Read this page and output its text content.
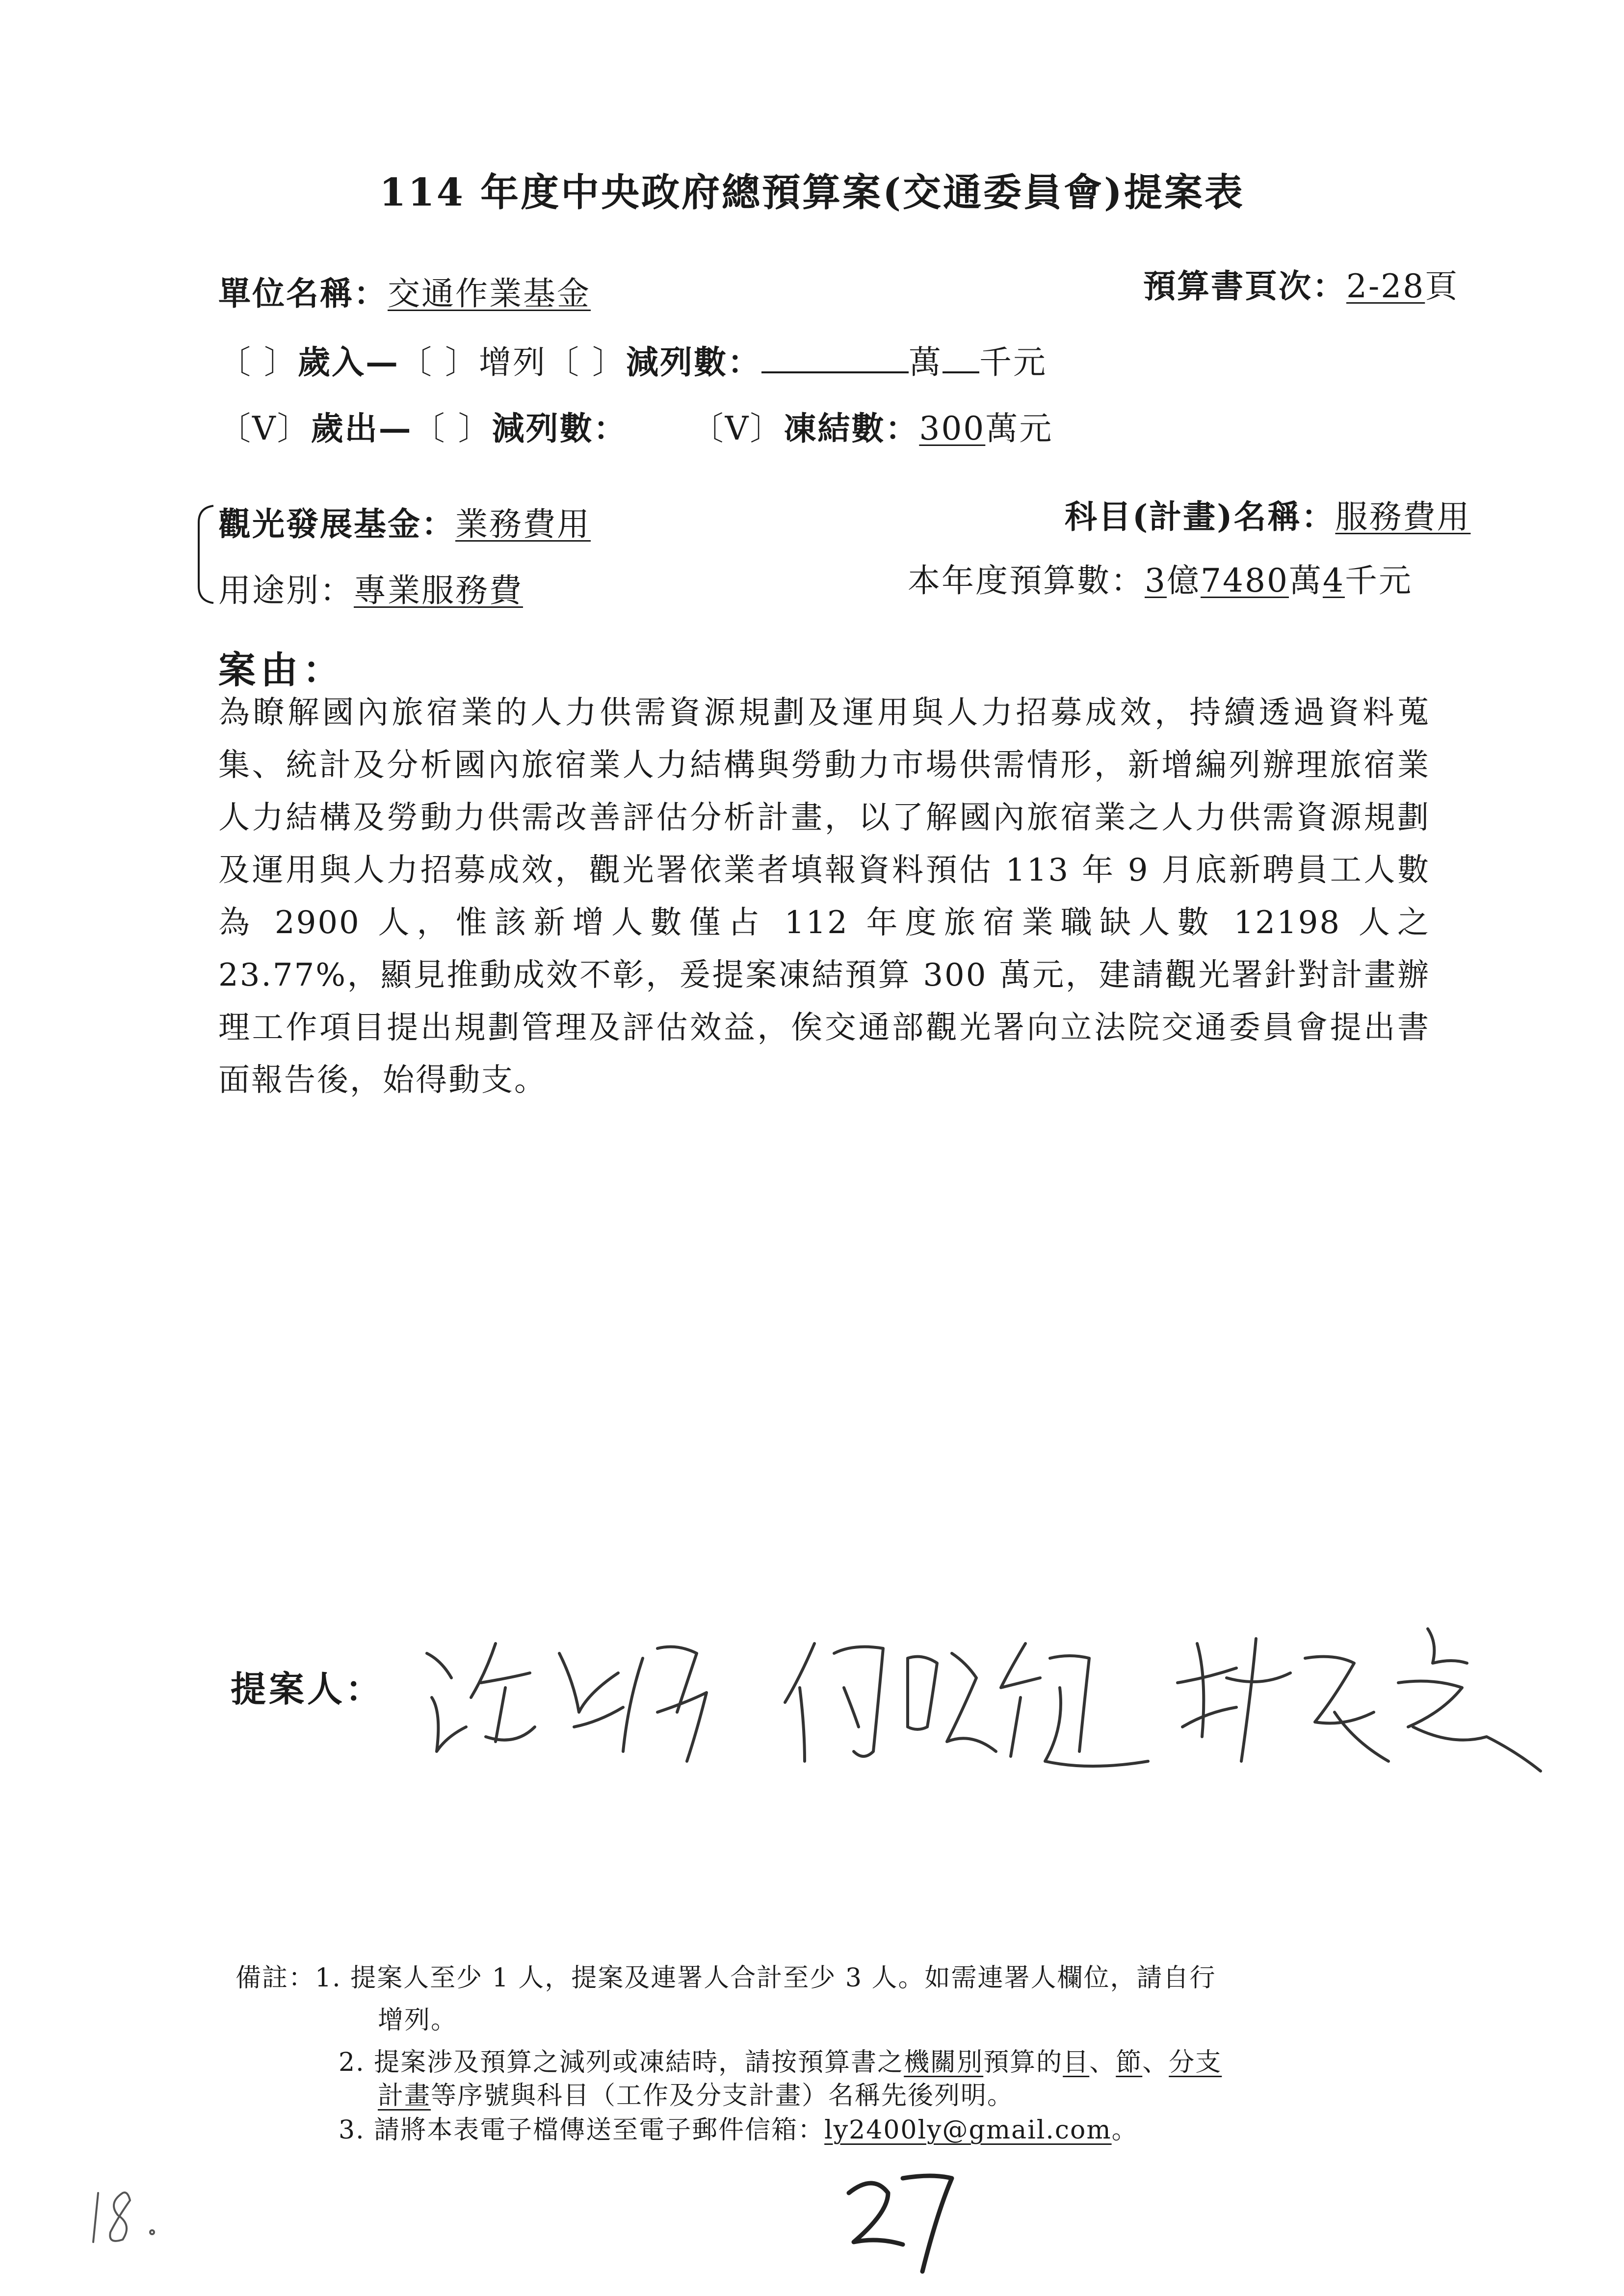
114 年度中央政府總預算案(交通委員會)提案表
單位名稱：交通作業基金	預算書頁次：2-28頁
〔 〕歲入—〔 〕增列〔 〕減列數：	萬 千元
〔V〕歲出—〔 〕減列數： 〔V〕凍結數：300萬元
觀光發展基金：業務費用	科目(計畫)名稱：服務費用
用途別：專業服務費	本年度預算數：3億7480萬4千元
案由：
為瞭解國內旅宿業的人力供需資源規劃及運用與人力招募成效，持續透過資料蒐集、統計及分析國內旅宿業人力結構與勞動力市場供需情形，新增編列辦理旅宿業人力結構及勞動力供需改善評估分析計畫，以了解國內旅宿業之人力供需資源規劃及運用與人力招募成效，觀光署依業者填報資料預估 113 年 9 月底新聘員工人數為 2900 人，惟該新增人數僅占 112 年度旅宿業職缺人數 12198 人之 23.77%，顯見推動成效不彰，爰提案凍結預算 300 萬元，建請觀光署針對計畫辦理工作項目提出規劃管理及評估效益，俟交通部觀光署向立法院交通委員會提出書面報告後，始得動支。
提案人：
備註：1. 提案人至少 1 人，提案及連署人合計至少 3 人。如需連署人欄位，請自行
增列。
2. 提案涉及預算之減列或凍結時，請按預算書之機關別預算的目、節、分支
計畫等序號與科目（工作及分支計畫）名稱先後列明。
3. 請將本表電子檔傳送至電子郵件信箱：ly2400ly@gmail.com。
